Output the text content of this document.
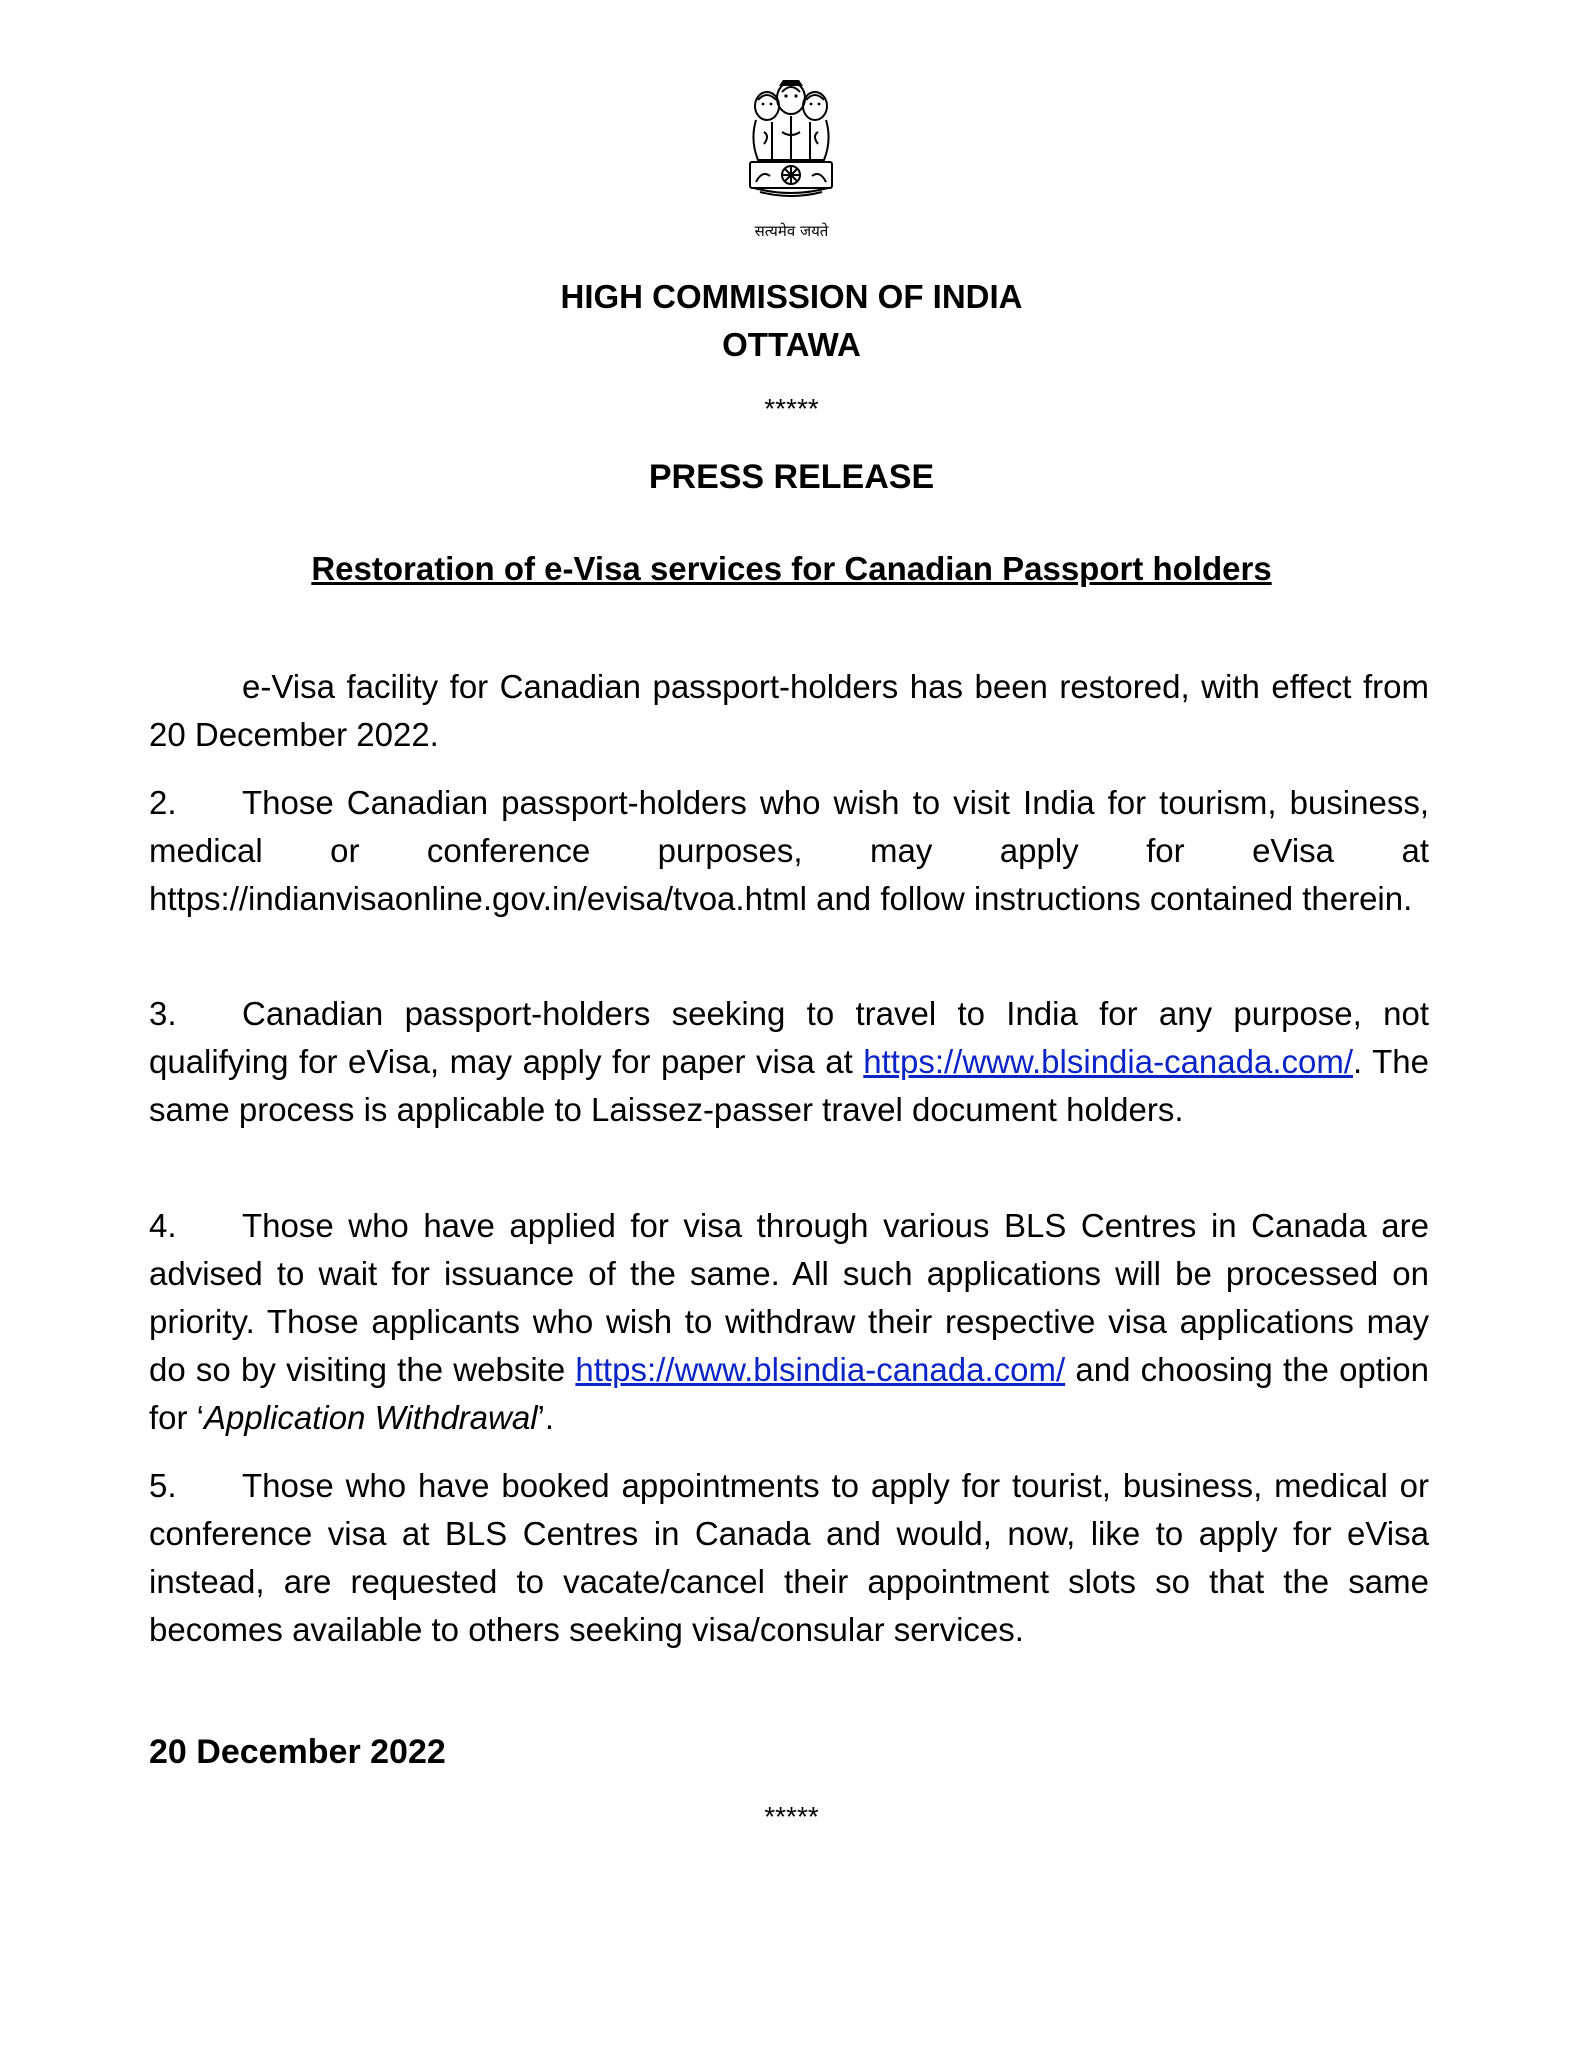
सत्यमेव जयते
HIGH COMMISSION OF INDIA
OTTAWA
*****
PRESS RELEASE
Restoration of e-Visa services for Canadian Passport holders

e-Visa facility for Canadian passport-holders has been restored, with effect from 20 December 2022.

2. Those Canadian passport-holders who wish to visit India for tourism, business, medical or conference purposes, may apply for eVisa at https://indianvisaonline.gov.in/evisa/tvoa.html and follow instructions contained therein.

3. Canadian passport-holders seeking to travel to India for any purpose, not qualifying for eVisa, may apply for paper visa at https://www.blsindia-canada.com/. The same process is applicable to Laissez-passer travel document holders.

4. Those who have applied for visa through various BLS Centres in Canada are advised to wait for issuance of the same. All such applications will be processed on priority. Those applicants who wish to withdraw their respective visa applications may do so by visiting the website https://www.blsindia-canada.com/ and choosing the option for ‘Application Withdrawal’.

5. Those who have booked appointments to apply for tourist, business, medical or conference visa at BLS Centres in Canada and would, now, like to apply for eVisa instead, are requested to vacate/cancel their appointment slots so that the same becomes available to others seeking visa/consular services.

20 December 2022
*****
